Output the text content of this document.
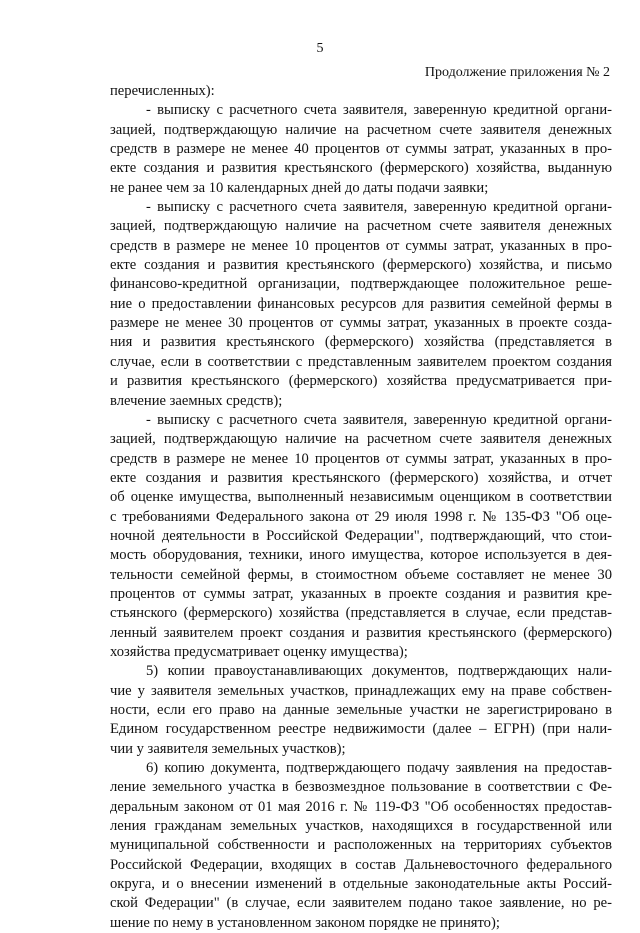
5
Продолжение приложения № 2
перечисленных):
- выписку с расчетного счета заявителя, заверенную кредитной органи-
зацией, подтверждающую наличие на расчетном счете заявителя денежных
средств в размере не менее 40 процентов от суммы затрат, указанных в про-
екте создания и развития крестьянского (фермерского) хозяйства, выданную
не ранее чем за 10 календарных дней до даты подачи заявки;
- выписку с расчетного счета заявителя, заверенную кредитной органи-
зацией, подтверждающую наличие на расчетном счете заявителя денежных
средств в размере не менее 10 процентов от суммы затрат, указанных в про-
екте создания и развития крестьянского (фермерского) хозяйства, и письмо
финансово-кредитной организации, подтверждающее положительное реше-
ние о предоставлении финансовых ресурсов для развития семейной фермы в
размере не менее 30 процентов от суммы затрат, указанных в проекте созда-
ния и развития крестьянского (фермерского) хозяйства (представляется в
случае, если в соответствии с представленным заявителем проектом создания
и развития крестьянского (фермерского) хозяйства предусматривается при-
влечение заемных средств);
- выписку с расчетного счета заявителя, заверенную кредитной органи-
зацией, подтверждающую наличие на расчетном счете заявителя денежных
средств в размере не менее 10 процентов от суммы затрат, указанных в про-
екте создания и развития крестьянского (фермерского) хозяйства, и отчет
об оценке имущества, выполненный независимым оценщиком в соответствии
с требованиями Федерального закона от 29 июля 1998 г. № 135-ФЗ "Об оце-
ночной деятельности в Российской Федерации", подтверждающий, что стои-
мость оборудования, техники, иного имущества, которое используется в дея-
тельности семейной фермы, в стоимостном объеме составляет не менее 30
процентов от суммы затрат, указанных в проекте создания и развития кре-
стьянского (фермерского) хозяйства (представляется в случае, если представ-
ленный заявителем проект создания и развития крестьянского (фермерского)
хозяйства предусматривает оценку имущества);
5) копии правоустанавливающих документов, подтверждающих нали-
чие у заявителя земельных участков, принадлежащих ему на праве собствен-
ности, если его право на данные земельные участки не зарегистрировано в
Едином государственном реестре недвижимости (далее – ЕГРН) (при нали-
чии у заявителя земельных участков);
6) копию документа, подтверждающего подачу заявления на предостав-
ление земельного участка в безвозмездное пользование в соответствии с Фе-
деральным законом от 01 мая 2016 г. № 119-ФЗ "Об особенностях предостав-
ления гражданам земельных участков, находящихся в государственной или
муниципальной собственности и расположенных на территориях субъектов
Российской Федерации, входящих в состав Дальневосточного федерального
округа, и о внесении изменений в отдельные законодательные акты Россий-
ской Федерации" (в случае, если заявителем подано такое заявление, но ре-
шение по нему в установленном законом порядке не принято);
